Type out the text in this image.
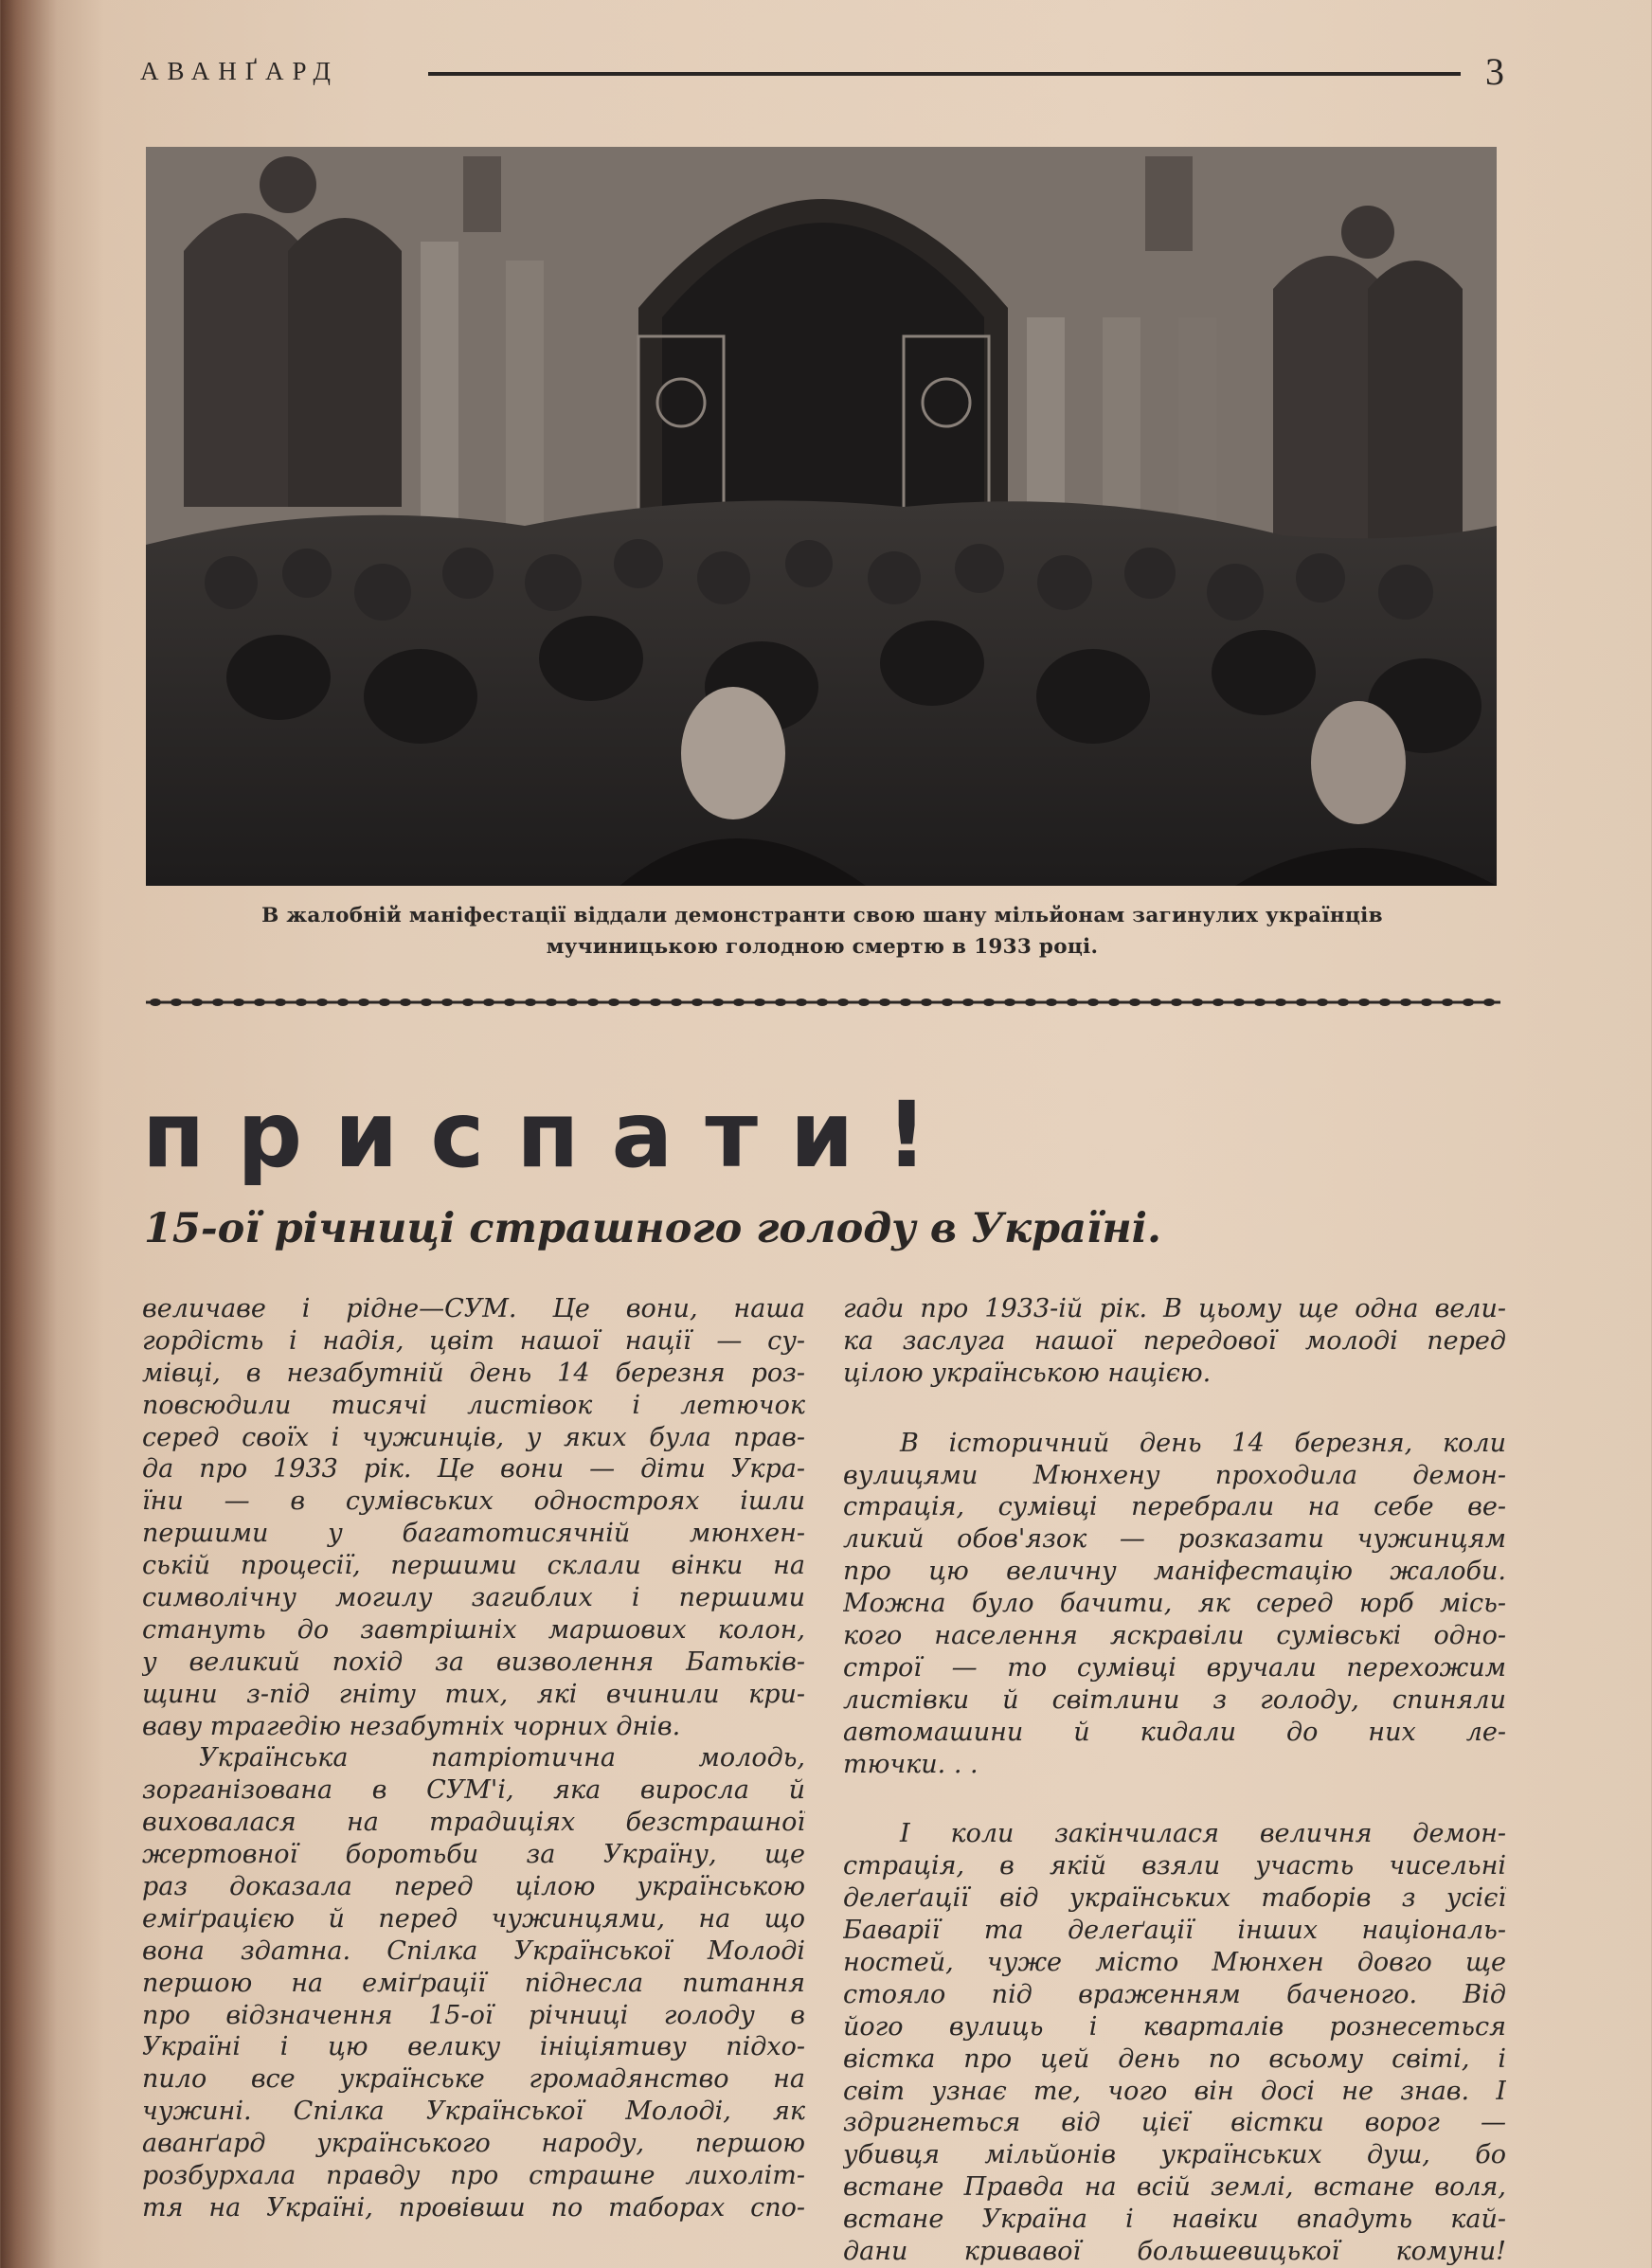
АВАНҐАРД	3
В жалобній маніфестації віддали демонстранти свою шану мільйонам загинулих українців
мучиницькою голодною смертю в 1933 році.
приспати!
15-ої річниці страшного голоду в Україні.
величаве і рідне—СУМ. Це вони, наша
гордість і надія, цвіт нашої нації — су-
мівці, в незабутній день 14 березня роз-
повсюдили тисячі листівок і летючок
серед своїх і чужинців, у яких була прав-
да про 1933 рік. Це вони — діти Укра-
їни — в сумівських одностроях ішли
першими у багатотисячній мюнхен-
ській процесії, першими склали вінки на
символічну могилу загиблих і першими
стануть до завтрішніх маршових колон,
у великий похід за визволення Батьків-
щини з-під гніту тих, які вчинили кри-
ваву трагедію незабутніх чорних днів.
Українська патріотична молодь,
зорганізована в СУМ'і, яка виросла й
виховалася на традиціях безстрашної
жертовної боротьби за Україну, ще
раз доказала перед цілою українською
еміґрацією й перед чужинцями, на що
вона здатна. Спілка Української Молоді
першою на еміґрації піднесла питання
про відзначення 15-ої річниці голоду в
Україні і цю велику ініціятиву підхо-
пило все українське громадянство на
чужині. Спілка Української Молоді, як
аванґард українського народу, першою
розбурхала правду про страшне лихоліт-
тя на Україні, провівши по таборах спо-
гади про 1933-ій рік. В цьому ще одна вели-
ка заслуга нашої передової молоді перед
цілою українською нацією.
В історичний день 14 березня, коли
вулицями Мюнхену проходила демон-
страція, сумівці перебрали на себе ве-
ликий обов'язок — розказати чужинцям
про цю величну маніфестацію жалоби.
Можна було бачити, як серед юрб місь-
кого населення яскравіли сумівські одно-
строї — то сумівці вручали перехожим
листівки й світлини з голоду, спиняли
автомашини й кидали до них ле-
тючки. . .
І коли закінчилася величня демон-
страція, в якій взяли участь чисельні
делеґації від українських таборів з усієї
Баварії та делеґації інших національ-
ностей, чуже місто Мюнхен довго ще
стояло під враженням баченого. Від
його вулиць і кварталів рознесеться
вістка про цей день по всьому світі, і
світ узнає те, чого він досі не знав. І
здригнеться від цієї вістки ворог —
убивця мільйонів українських душ, бо
встане Правда на всій землі, встане воля,
встане Україна і навіки впадуть кай-
дани кривавої большевицької комуни!
